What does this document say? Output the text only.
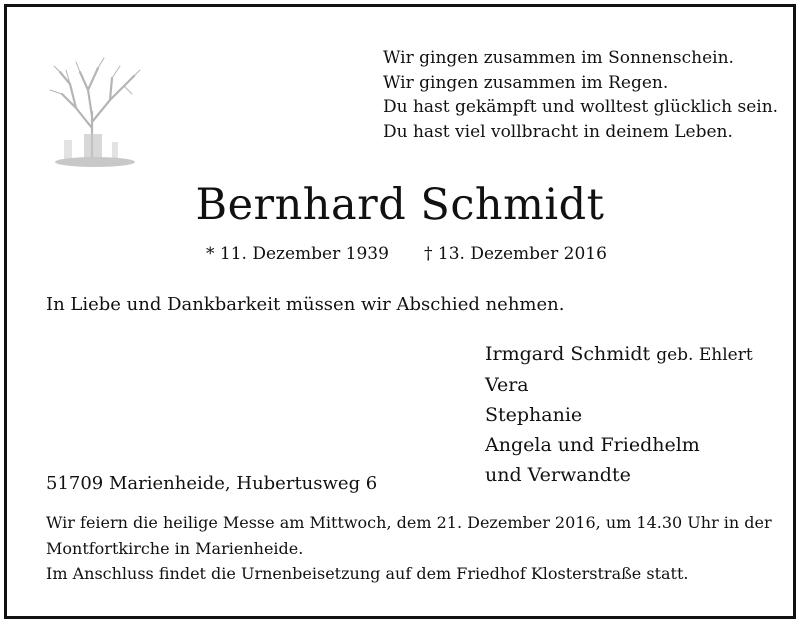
Wir gingen zusammen im Sonnenschein.
Wir gingen zusammen im Regen.
Du hast gekämpft und wolltest glücklich sein.
Du hast viel vollbracht in deinem Leben.
Bernhard Schmidt
* 11. Dezember 1939 † 13. Dezember 2016
In Liebe und Dankbarkeit müssen wir Abschied nehmen.
Irmgard Schmidt geb. Ehlert
Vera
Stephanie
Angela und Friedhelm
und Verwandte
51709 Marienheide, Hubertusweg 6
Wir feiern die heilige Messe am Mittwoch, dem 21. Dezember 2016, um 14.30 Uhr in der
Montfortkirche in Marienheide.
Im Anschluss findet die Urnenbeisetzung auf dem Friedhof Klosterstraße statt.
